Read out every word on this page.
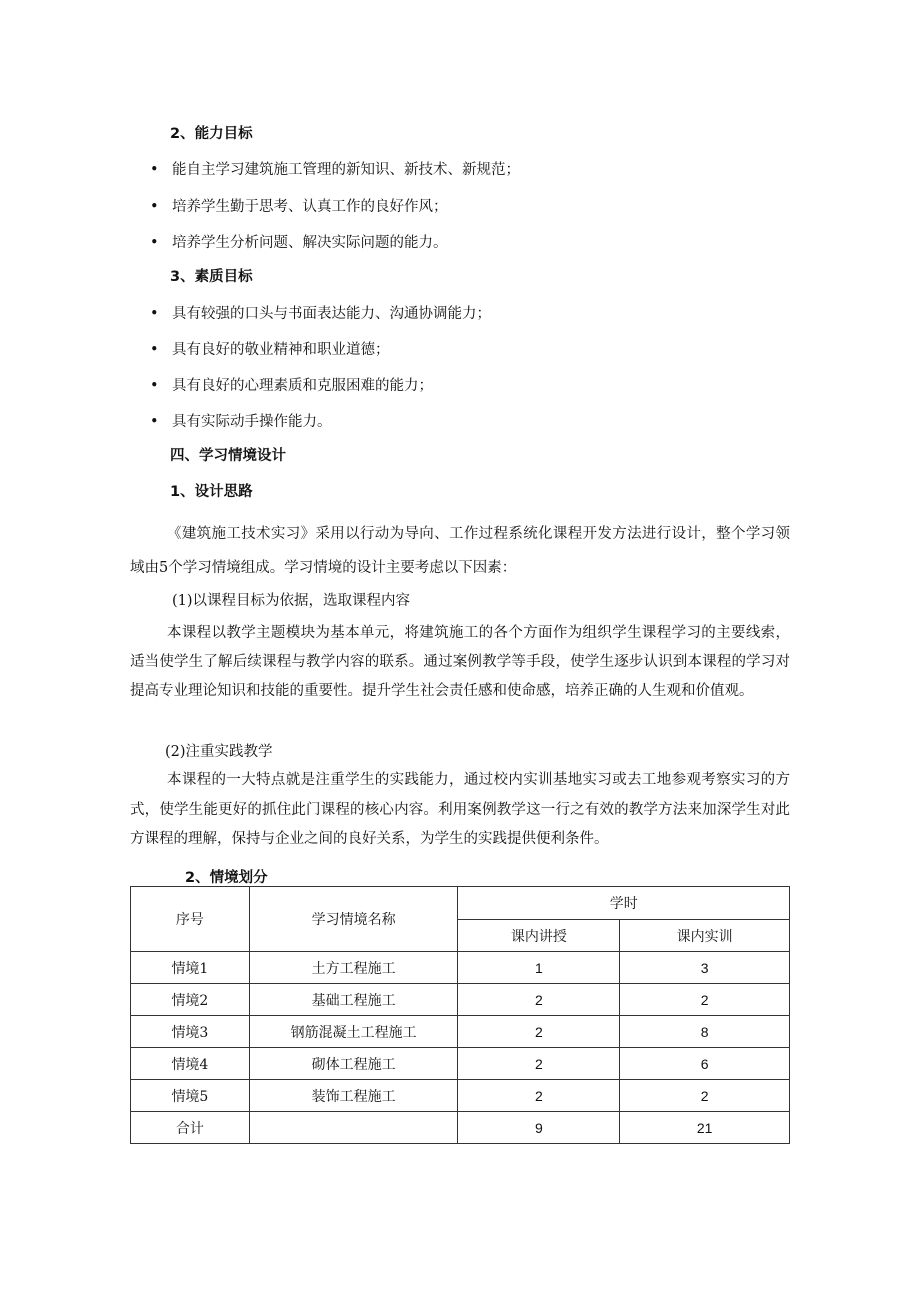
2、能力目标
• 能自主学习建筑施工管理的新知识、新技术、新规范；
• 培养学生勤于思考、认真工作的良好作风；
• 培养学生分析问题、解决实际问题的能力。
3、素质目标
• 具有较强的口头与书面表达能力、沟通协调能力；
• 具有良好的敬业精神和职业道德；
• 具有良好的心理素质和克服困难的能力；
• 具有实际动手操作能力。
四、学习情境设计
1、设计思路
《建筑施工技术实习》采用以行动为导向、工作过程系统化课程开发方法进行设计，整个学习领域由5个学习情境组成。学习情境的设计主要考虑以下因素：
(1)以课程目标为依据，选取课程内容
本课程以教学主题模块为基本单元，将建筑施工的各个方面作为组织学生课程学习的主要线索，适当使学生了解后续课程与教学内容的联系。通过案例教学等手段，使学生逐步认识到本课程的学习对提高专业理论知识和技能的重要性。提升学生社会责任感和使命感，培养正确的人生观和价值观。
(2)注重实践教学
本课程的一大特点就是注重学生的实践能力，通过校内实训基地实习或去工地参观考察实习的方式，使学生能更好的抓住此门课程的核心内容。利用案例教学这一行之有效的教学方法来加深学生对此方课程的理解，保持与企业之间的良好关系，为学生的实践提供便利条件。
2、情境划分
序号	学习情境名称	学时	
		课内讲授	课内实训
情境1	土方工程施工	1	3
情境2	基础工程施工	2	2
情境3	钢筋混凝土工程施工	2	8
情境4	砌体工程施工	2	6
情境5	装饰工程施工	2	2
合计		9	21
